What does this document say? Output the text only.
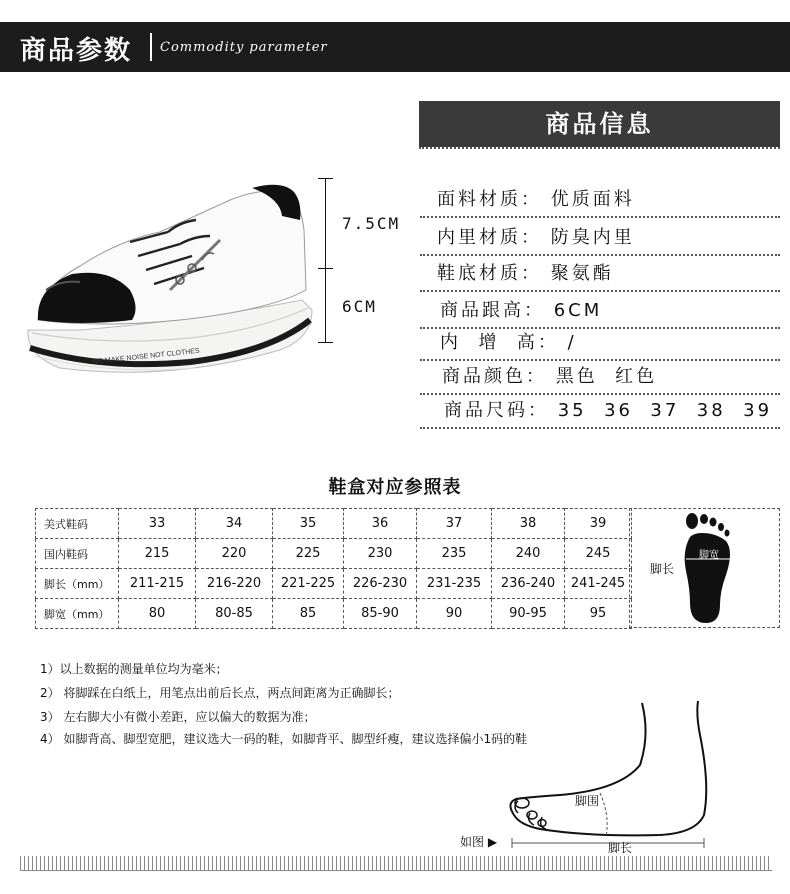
商品参数 Commodity parameter
WE MAKE NOISE NOT CLOTHES
7.5CM
6CM
商品信息
面料材质： 优质面料
内里材质： 防臭内里
鞋底材质： 聚氨酯
商品跟高： 6CM
内  增  高： /
商品颜色： 黑色  红色
商品尺码： 35  36  37  38  39
鞋盒对应参照表
美式鞋码	33	34	35	36	37	38	39
国内鞋码	215	220	225	230	235	240	245
脚长（mm）	211-215	216-220	221-225	226-230	231-235	236-240	241-245
脚宽（mm）	80	80-85	85	85-90	90	90-95	95
脚长
脚宽
1）以上数据的测量单位均为毫米；
2） 将脚踩在白纸上，用笔点出前后长点，两点间距离为正确脚长；
3） 左右脚大小有微小差距，应以偏大的数据为准；
4） 如脚背高、脚型宽肥，建议选大一码的鞋，如脚背平、脚型纤瘦，建议选择偏小1码的鞋
脚围
脚长
如图 ▶
